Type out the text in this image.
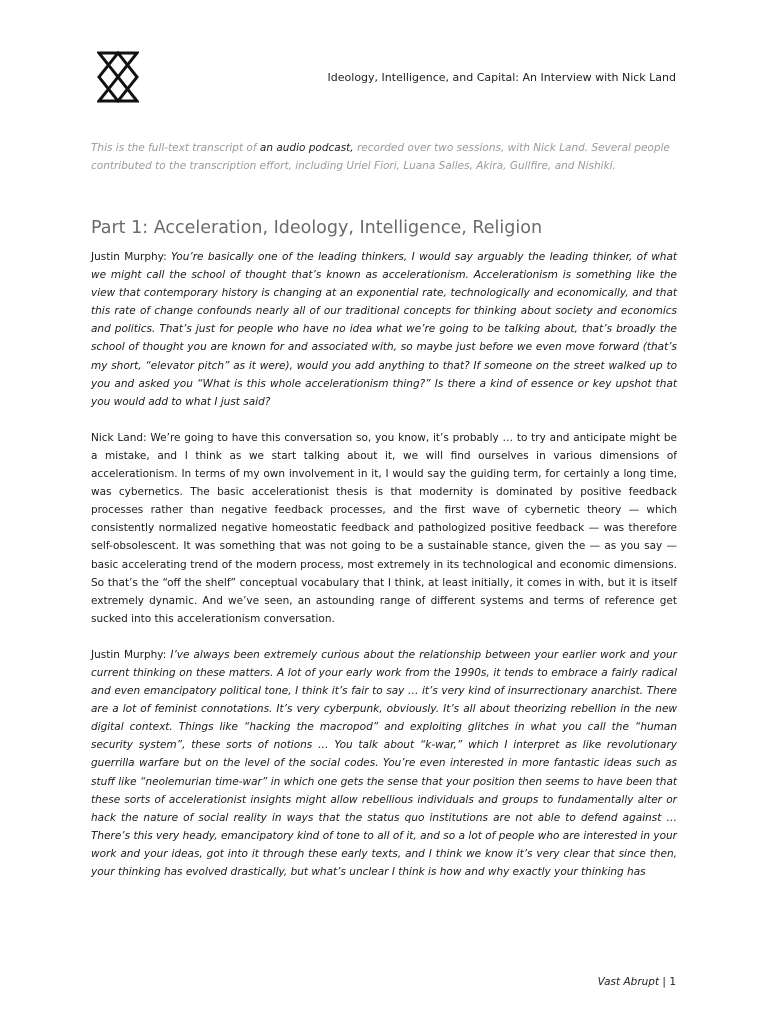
Ideology, Intelligence, and Capital: An Interview with Nick Land
This is the full-text transcript of an audio podcast, recorded over two sessions, with Nick Land. Several people contributed to the transcription effort, including Uriel Fiori, Luana Salles, Akira, Gullfire, and Nishiki.
Part 1: Acceleration, Ideology, Intelligence, Religion

Justin Murphy: You’re basically one of the leading thinkers, I would say arguably the leading thinker, of what we might call the school of thought that’s known as accelerationism. Accelerationism is something like the view that contemporary history is changing at an exponential rate, technologically and economically, and that this rate of change confounds nearly all of our traditional concepts for thinking about society and economics and politics. That’s just for people who have no idea what we’re going to be talking about, that’s broadly the school of thought you are known for and associated with, so maybe just before we even move forward (that’s my short, “elevator pitch” as it were), would you add anything to that? If someone on the street walked up to you and asked you “What is this whole accelerationism thing?” Is there a kind of essence or key upshot that you would add to what I just said?

Nick Land: We’re going to have this conversation so, you know, it’s probably … to try and anticipate might be a mistake, and I think as we start talking about it, we will find ourselves in various dimensions of accelerationism. In terms of my own involvement in it, I would say the guiding term, for certainly a long time, was cybernetics. The basic accelerationist thesis is that modernity is dominated by positive feedback processes rather than negative feedback processes, and the first wave of cybernetic theory — which consistently normalized negative homeostatic feedback and pathologized positive feedback — was therefore self-obsolescent. It was something that was not going to be a sustainable stance, given the — as you say — basic accelerating trend of the modern process, most extremely in its technological and economic dimensions. So that’s the “off the shelf” conceptual vocabulary that I think, at least initially, it comes in with, but it is itself extremely dynamic. And we’ve seen, an astounding range of different systems and terms of reference get sucked into this accelerationism conversation.

Justin Murphy: I’ve always been extremely curious about the relationship between your earlier work and your current thinking on these matters. A lot of your early work from the 1990s, it tends to embrace a fairly radical and even emancipatory political tone, I think it’s fair to say … it’s very kind of insurrectionary anarchist. There are a lot of feminist connotations. It’s very cyberpunk, obviously. It’s all about theorizing rebellion in the new digital context. Things like “hacking the macropod” and exploiting glitches in what you call the “human security system”, these sorts of notions … You talk about “k-war,” which I interpret as like revolutionary guerrilla warfare but on the level of the social codes. You’re even interested in more fantastic ideas such as stuff like “neolemurian time-war” in which one gets the sense that your position then seems to have been that these sorts of accelerationist insights might allow rebellious individuals and groups to fundamentally alter or hack the nature of social reality in ways that the status quo institutions are not able to defend against … There’s this very heady, emancipatory kind of tone to all of it, and so a lot of people who are interested in your work and your ideas, got into it through these early texts, and I think we know it’s very clear that since then, your thinking has evolved drastically, but what’s unclear I think is how and why exactly your thinking has

Vast Abrupt | 1
